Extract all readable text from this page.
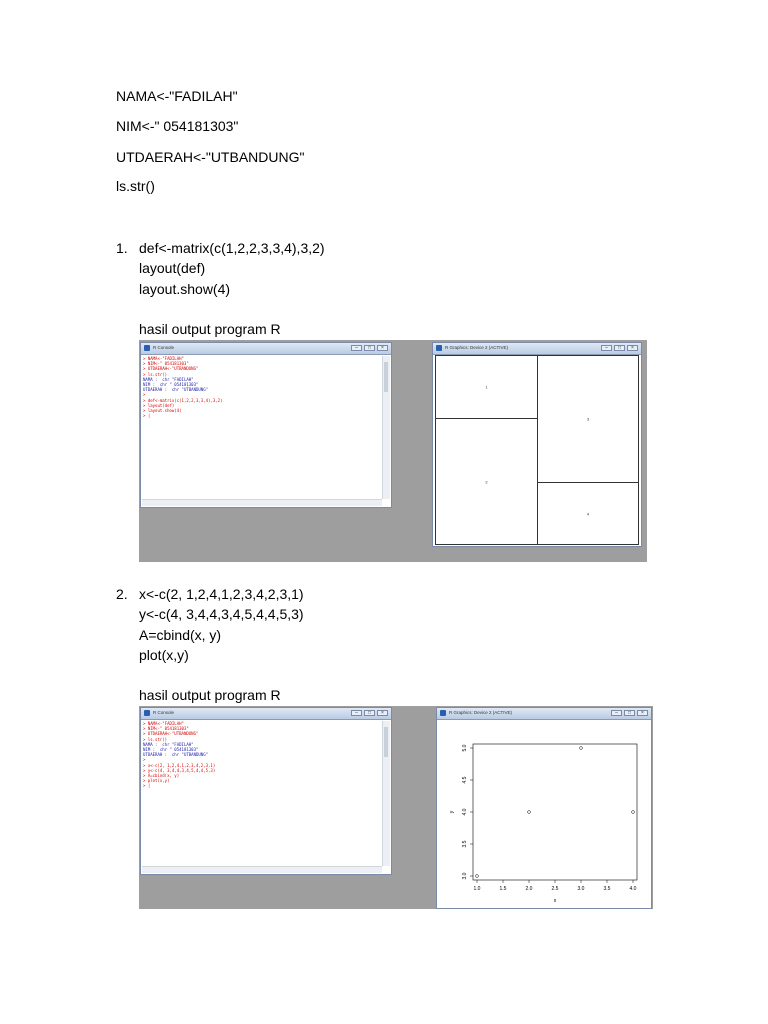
NAMA<-"FADILAH"
NIM<-" 054181303"
UTDAERAH<-"UTBANDUNG"
ls.str()
1. def<-matrix(c(1,2,2,3,3,4),3,2)
layout(def)
layout.show(4)
hasil output program R
R Console	–	□	×
> NAMA<-"FADILAH"
> NIM<-" 054181303"
> UTDAERAH<-"UTBANDUNG"
> ls.str()
NAMA :  chr "FADILAH"
NIM :  chr " 054181303"
UTDAERAH :  chr "UTBANDUNG"
>
> def<-matrix(c(1,2,2,3,3,4),3,2)
> layout(def)
> layout.show(4)
> |
R Graphics: Device 2 (ACTIVE)	–	□	×
1
2
3
4
2. x<-c(2, 1,2,4,1,2,3,4,2,3,1)
y<-c(4, 3,4,4,3,4,5,4,4,5,3)
A=cbind(x, y)
plot(x,y)
hasil output program R
R Console	–	□	×
> NAMA<-"FADILAH"
> NIM<-" 054181303"
> UTDAERAH<-"UTBANDUNG"
> ls.str()
NAMA :  chr "FADILAH"
NIM :  chr " 054181303"
UTDAERAH :  chr "UTBANDUNG"
>
> x<-c(2, 1,2,4,1,2,3,4,2,3,1)
> y<-c(4, 3,4,4,3,4,5,4,4,5,3)
> A=cbind(x, y)
> plot(x,y)
> |
R Graphics: Device 2 (ACTIVE)	–	□	×
1.0	1.5	2.0	2.5	3.0	3.5	4.0
3.0
3.5
4.0
4.5
5.0
x
y
